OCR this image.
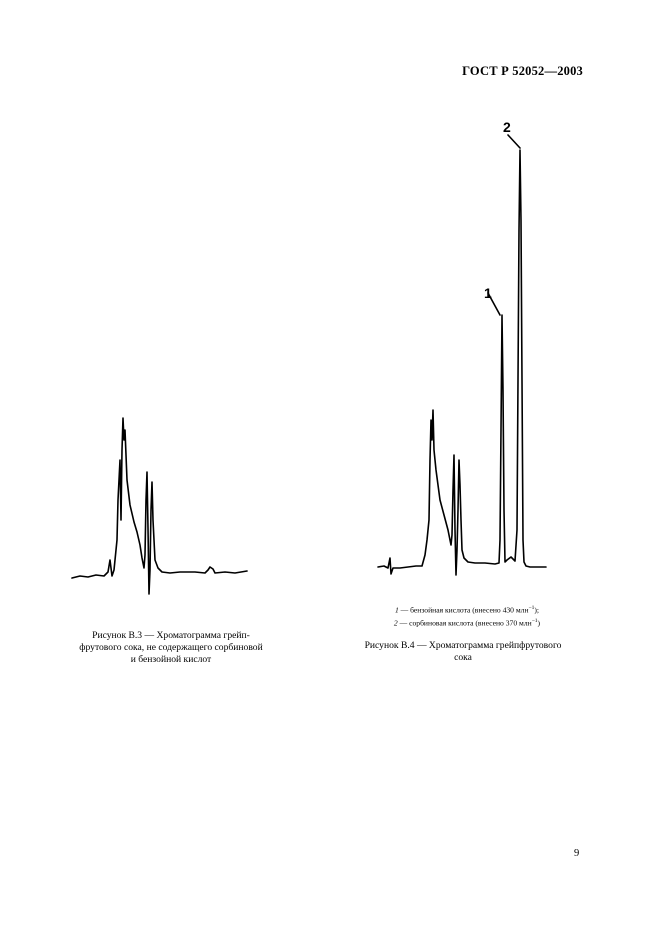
ГОСТ Р 52052—2003
Рисунок В.3 — Хроматограмма грейп-
фрутового сока, не содержащего сорбиновой
и бензойной кислот
1
2
1 — бензойная кислота (внесено 430 млн$^{-1}$);
2 — сорбиновая кислота (внесено 370 млн$^{-1}$)
Рисунок В.4 — Хроматограмма грейпфрутового
сока
9
